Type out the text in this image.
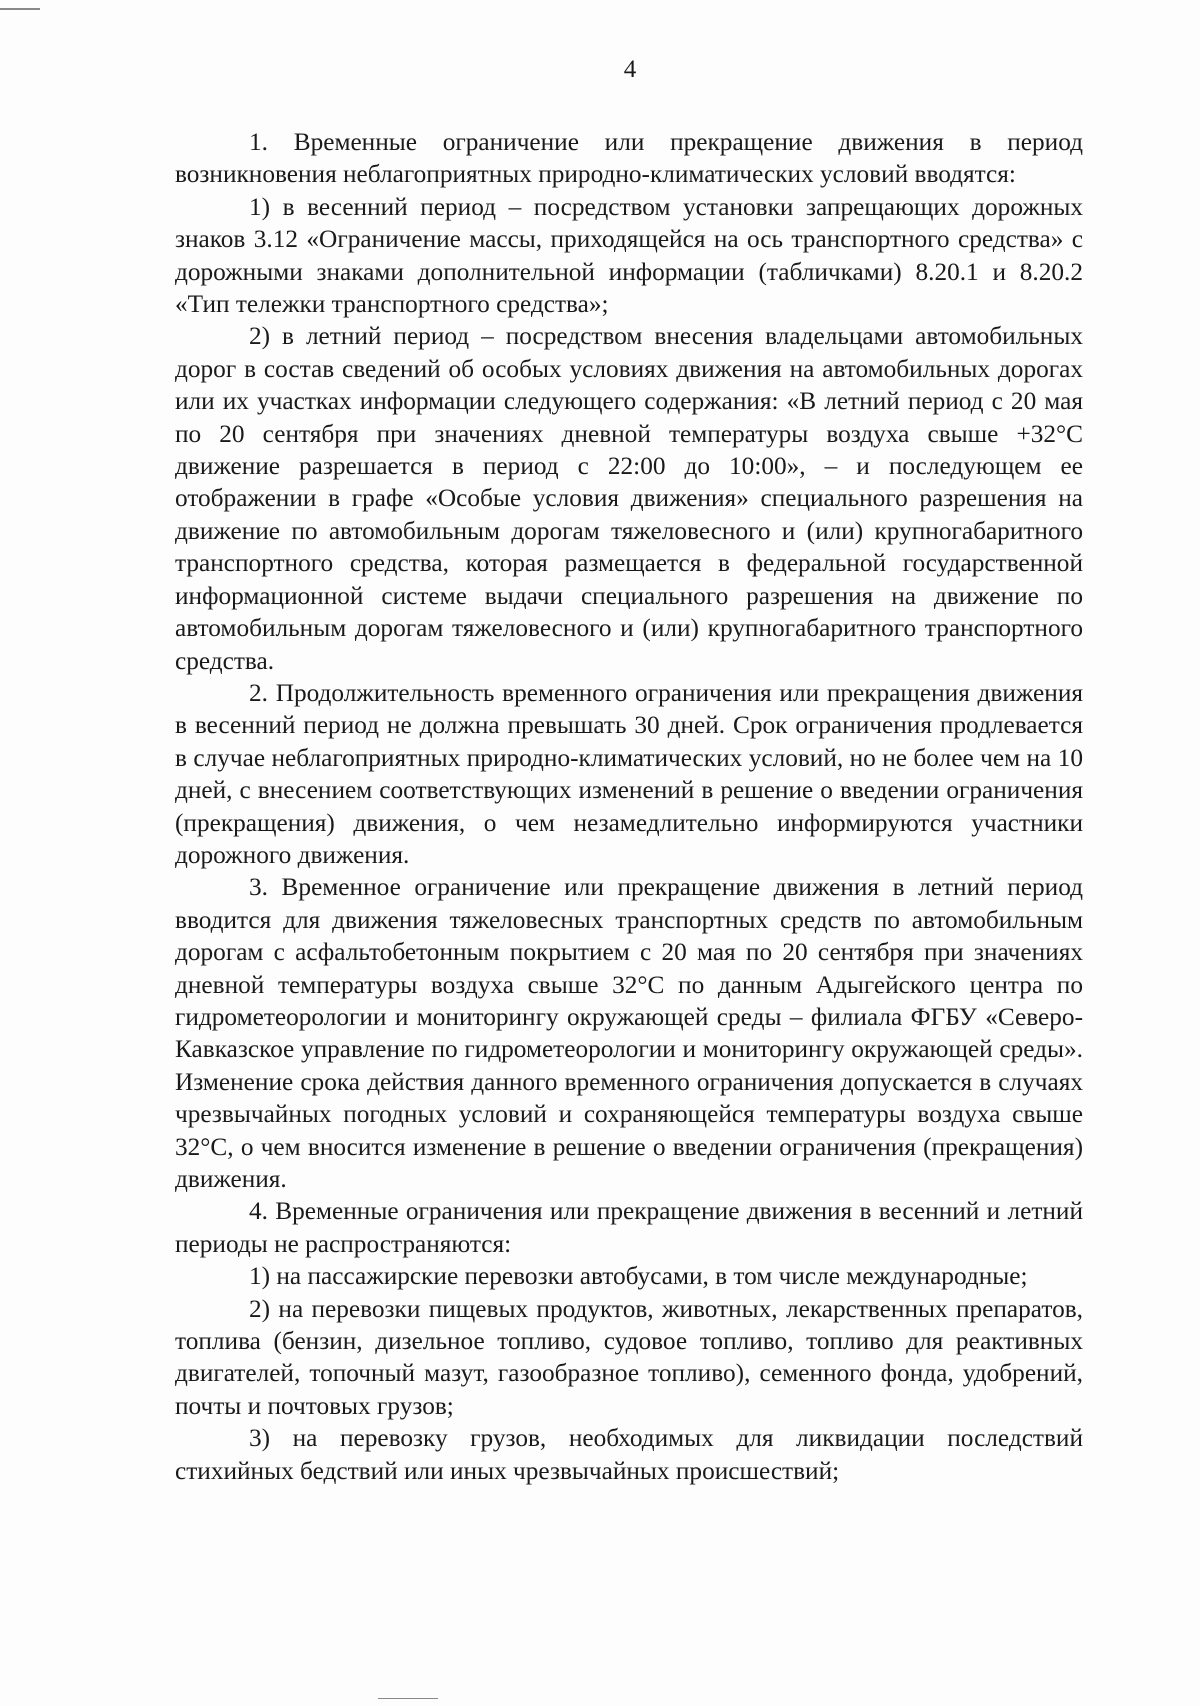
4

1. Временные ограничение или прекращение движения в период возникновения неблагоприятных природно-климатических условий вводятся:

1) в весенний период – посредством установки запрещающих дорожных знаков 3.12 «Ограничение массы, приходящейся на ось транспортного средства» с дорожными знаками дополнительной информации (табличками) 8.20.1 и 8.20.2 «Тип тележки транспортного средства»;

2) в летний период – посредством внесения владельцами автомобильных дорог в состав сведений об особых условиях движения на автомобильных дорогах или их участках информации следующего содержания: «В летний период с 20 мая по 20 сентября при значениях дневной температуры воздуха свыше +32°С движение разрешается в период с 22:00 до 10:00», – и последующем ее отображении в графе «Особые условия движения» специального разрешения на движение по автомобильным дорогам тяжеловесного и (или) крупногабаритного транспортного средства, которая размещается в федеральной государственной информационной системе выдачи специального разрешения на движение по автомобильным дорогам тяжеловесного и (или) крупногабаритного транспортного средства.

2. Продолжительность временного ограничения или прекращения движения в весенний период не должна превышать 30 дней. Срок ограничения продлевается в случае неблагоприятных природно-климатических условий, но не более чем на 10 дней, с внесением соответствующих изменений в решение о введении ограничения (прекращения) движения, о чем незамедлительно информируются участники дорожного движения.

3. Временное ограничение или прекращение движения в летний период вводится для движения тяжеловесных транспортных средств по автомобильным дорогам с асфальтобетонным покрытием с 20 мая по 20 сентября при значениях дневной температуры воздуха свыше 32°С по данным Адыгейского центра по гидрометеорологии и мониторингу окружающей среды – филиала ФГБУ «Северо-Кавказское управление по гидрометеорологии и мониторингу окружающей среды». Изменение срока действия данного временного ограничения допускается в случаях чрезвычайных погодных условий и сохраняющейся температуры воздуха свыше 32°С, о чем вносится изменение в решение о введении ограничения (прекращения) движения.

4. Временные ограничения или прекращение движения в весенний и летний периоды не распространяются:

1) на пассажирские перевозки автобусами, в том числе международные;

2) на перевозки пищевых продуктов, животных, лекарственных препаратов, топлива (бензин, дизельное топливо, судовое топливо, топливо для реактивных двигателей, топочный мазут, газообразное топливо), семенного фонда, удобрений, почты и почтовых грузов;

3) на перевозку грузов, необходимых для ликвидации последствий стихийных бедствий или иных чрезвычайных происшествий;
